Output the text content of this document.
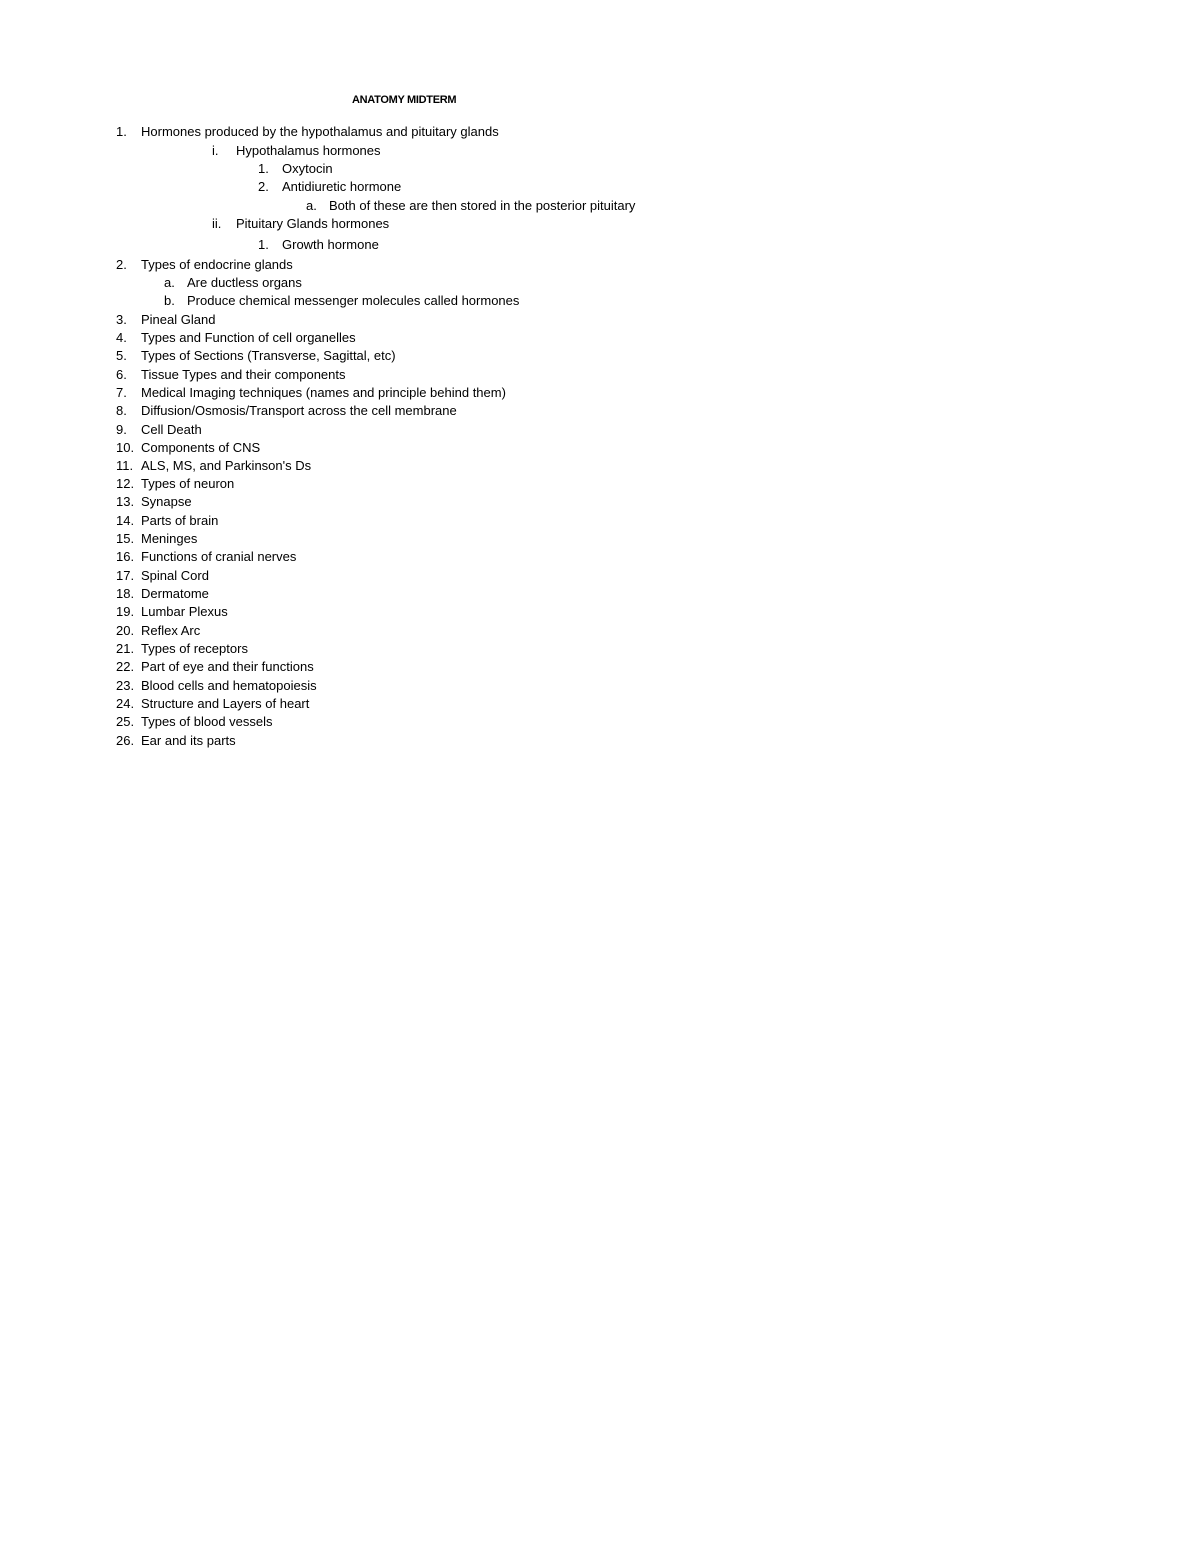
ANATOMY MIDTERM
1. Hormones produced by the hypothalamus and pituitary glands
i. Hypothalamus hormones
1. Oxytocin
2. Antidiuretic hormone
a. Both of these are then stored in the posterior pituitary
ii. Pituitary Glands hormones
1. Growth hormone
2. Types of endocrine glands
a. Are ductless organs
b. Produce chemical messenger molecules called hormones
3. Pineal Gland
4. Types and Function of cell organelles
5. Types of Sections (Transverse, Sagittal, etc)
6. Tissue Types and their components
7. Medical Imaging techniques (names and principle behind them)
8. Diffusion/Osmosis/Transport across the cell membrane
9. Cell Death
10. Components of CNS
11. ALS, MS, and Parkinson's Ds
12. Types of neuron
13. Synapse
14. Parts of brain
15. Meninges
16. Functions of cranial nerves
17. Spinal Cord
18. Dermatome
19. Lumbar Plexus
20. Reflex Arc
21. Types of receptors
22. Part of eye and their functions
23. Blood cells and hematopoiesis
24. Structure and Layers of heart
25. Types of blood vessels
26. Ear and its parts
